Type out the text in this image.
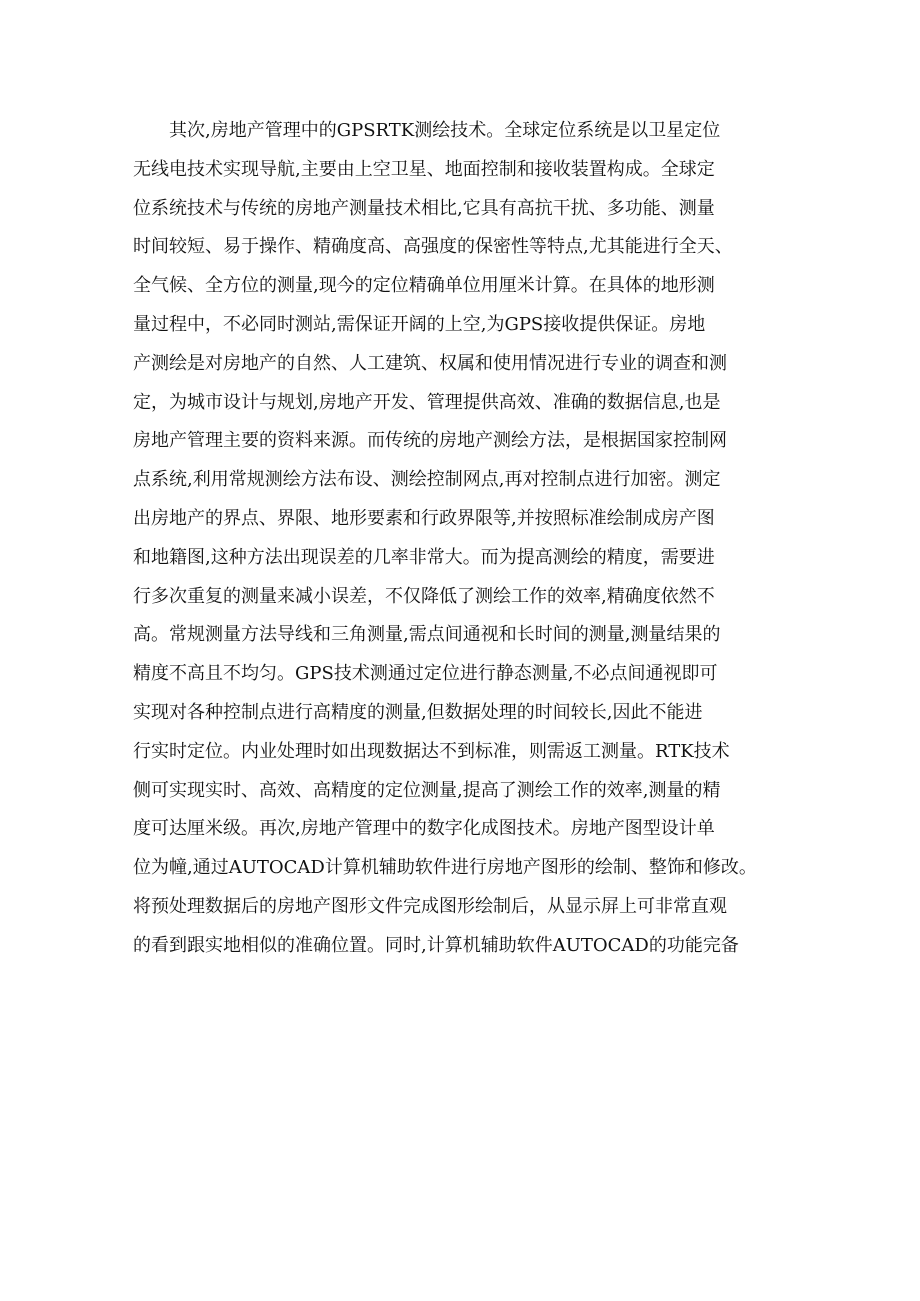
其次,房地产管理中的GPSRTK测绘技术。全球定位系统是以卫星定位
无线电技术实现导航,主要由上空卫星、地面控制和接收装置构成。全球定
位系统技术与传统的房地产测量技术相比,它具有高抗干扰、多功能、测量
时间较短、易于操作、精确度高、高强度的保密性等特点,尤其能进行全天、
全气候、全方位的测量,现今的定位精确单位用厘米计算。在具体的地形测
量过程中，不必同时测站,需保证开阔的上空,为GPS接收提供保证。房地
产测绘是对房地产的自然、人工建筑、权属和使用情况进行专业的调查和测
定，为城市设计与规划,房地产开发、管理提供高效、准确的数据信息,也是
房地产管理主要的资料来源。而传统的房地产测绘方法，是根据国家控制网
点系统,利用常规测绘方法布设、测绘控制网点,再对控制点进行加密。测定
出房地产的界点、界限、地形要素和行政界限等,并按照标准绘制成房产图
和地籍图,这种方法出现误差的几率非常大。而为提高测绘的精度，需要进
行多次重复的测量来减小误差，不仅降低了测绘工作的效率,精确度依然不
高。常规测量方法导线和三角测量,需点间通视和长时间的测量,测量结果的
精度不高且不均匀。GPS技术测通过定位进行静态测量,不必点间通视即可
实现对各种控制点进行高精度的测量,但数据处理的时间较长,因此不能进
行实时定位。内业处理时如出现数据达不到标准，则需返工测量。RTK技术
侧可实现实时、高效、高精度的定位测量,提高了测绘工作的效率,测量的精
度可达厘米级。再次,房地产管理中的数字化成图技术。房地产图型设计单
位为幢,通过AUTOCAD计算机辅助软件进行房地产图形的绘制、整饰和修改。
将预处理数据后的房地产图形文件完成图形绘制后，从显示屏上可非常直观
的看到跟实地相似的准确位置。同时,计算机辅助软件AUTOCAD的功能完备
